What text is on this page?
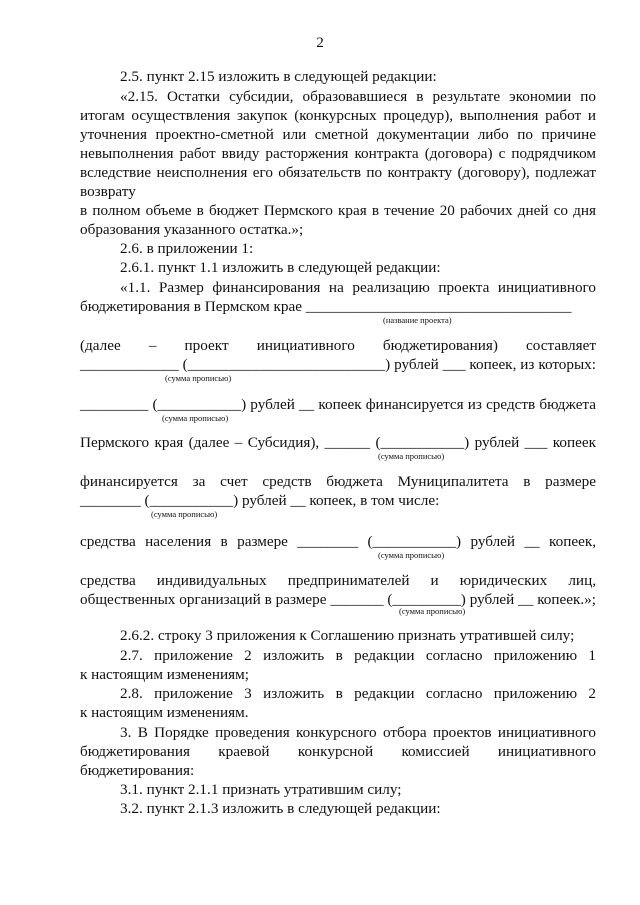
2
2.5. пункт 2.15 изложить в следующей редакции:
«2.15. Остатки субсидии, образовавшиеся в результате экономии по
итогам осуществления закупок (конкурсных процедур), выполнения работ и
уточнения проектно-сметной или сметной документации либо по причине
невыполнения работ ввиду расторжения контракта (договора) с подрядчиком
вследствие неисполнения его обязательств по контракту (договору), подлежат
возврату
в полном объеме в бюджет Пермского края в течение 20 рабочих дней со дня
образования указанного остатка.»;
2.6. в приложении 1:
2.6.1. пункт 1.1 изложить в следующей редакции:
«1.1. Размер финансирования на реализацию проекта инициативного
бюджетирования в Пермском крае ___________________________________
(название проекта)
(далее – проект инициативного бюджетирования) составляет
_____________ (__________________________) рублей ___ копеек, из которых:
(сумма прописью)
_________ (___________) рублей __ копеек финансируется из средств бюджета
(сумма прописью)
Пермского края (далее – Субсидия), ______ (___________) рублей ___ копеек
(сумма прописью)
финансируется за счет средств бюджета Муниципалитета в размере
________ (___________) рублей __ копеек, в том числе:
(сумма прописью)
средства населения в размере ________ (___________) рублей __ копеек,
(сумма прописью)
средства индивидуальных предпринимателей и юридических лиц,
общественных организаций в размере _______ (_________) рублей __ копеек.»;
(сумма прописью)
2.6.2. строку 3 приложения к Соглашению признать утратившей силу;
2.7. приложение 2 изложить в редакции согласно приложению 1
к настоящим изменениям;
2.8. приложение 3 изложить в редакции согласно приложению 2
к настоящим изменениям.
3. В Порядке проведения конкурсного отбора проектов инициативного
бюджетирования краевой конкурсной комиссией инициативного
бюджетирования:
3.1. пункт 2.1.1 признать утратившим силу;
3.2. пункт 2.1.3 изложить в следующей редакции:
